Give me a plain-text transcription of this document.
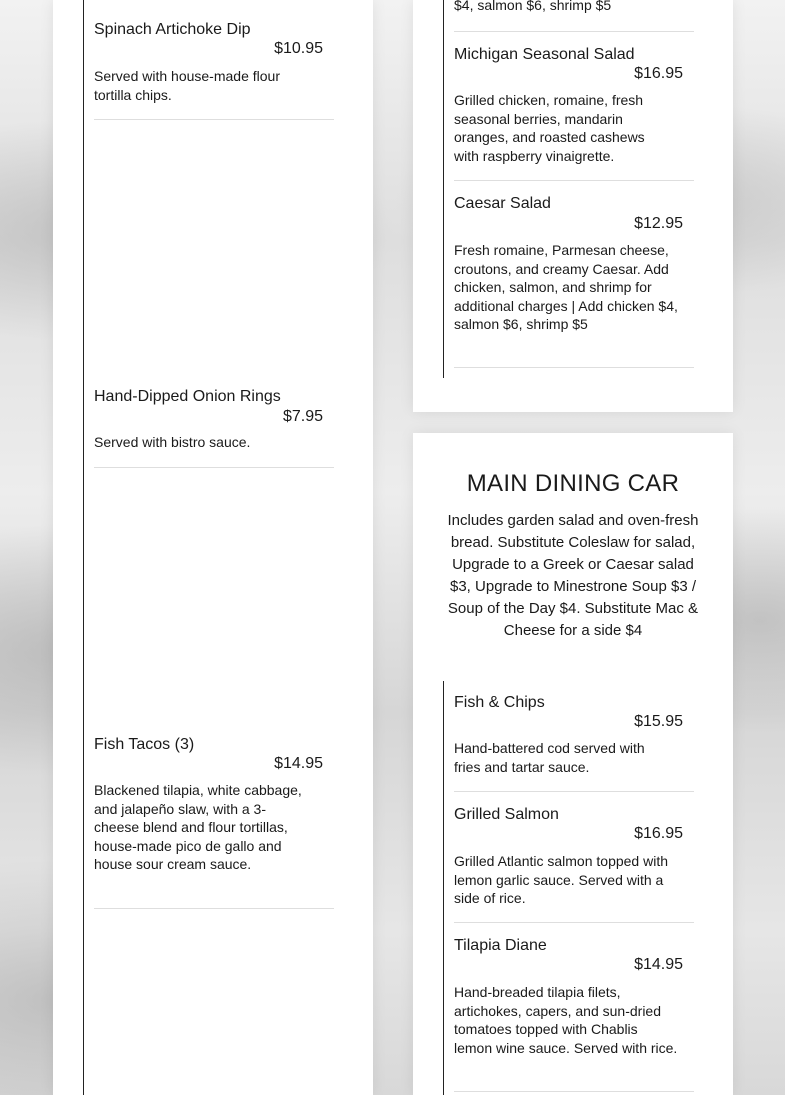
Spinach Artichoke Dip
$10.95
Served with house-made flour tortilla chips.
Hand-Dipped Onion Rings
$7.95
Served with bistro sauce.
Fish Tacos (3)
$14.95
Blackened tilapia, white cabbage, and jalapeño slaw, with a 3-cheese blend and flour tortillas, house-made pico de gallo and house sour cream sauce.
$4, salmon $6, shrimp $5
Michigan Seasonal Salad
$16.95
Grilled chicken, romaine, fresh seasonal berries, mandarin oranges, and roasted cashews with raspberry vinaigrette.
Caesar Salad
$12.95
Fresh romaine, Parmesan cheese, croutons, and creamy Caesar. Add chicken, salmon, and shrimp for additional charges | Add chicken $4, salmon $6, shrimp $5
MAIN DINING CAR
Includes garden salad and oven-fresh bread. Substitute Coleslaw for salad, Upgrade to a Greek or Caesar salad $3, Upgrade to Minestrone Soup $3 / Soup of the Day $4. Substitute Mac & Cheese for a side $4
Fish & Chips
$15.95
Hand-battered cod served with fries and tartar sauce.
Grilled Salmon
$16.95
Grilled Atlantic salmon topped with lemon garlic sauce. Served with a side of rice.
Tilapia Diane
$14.95
Hand-breaded tilapia filets, artichokes, capers, and sun-dried tomatoes topped with Chablis lemon wine sauce. Served with rice.
